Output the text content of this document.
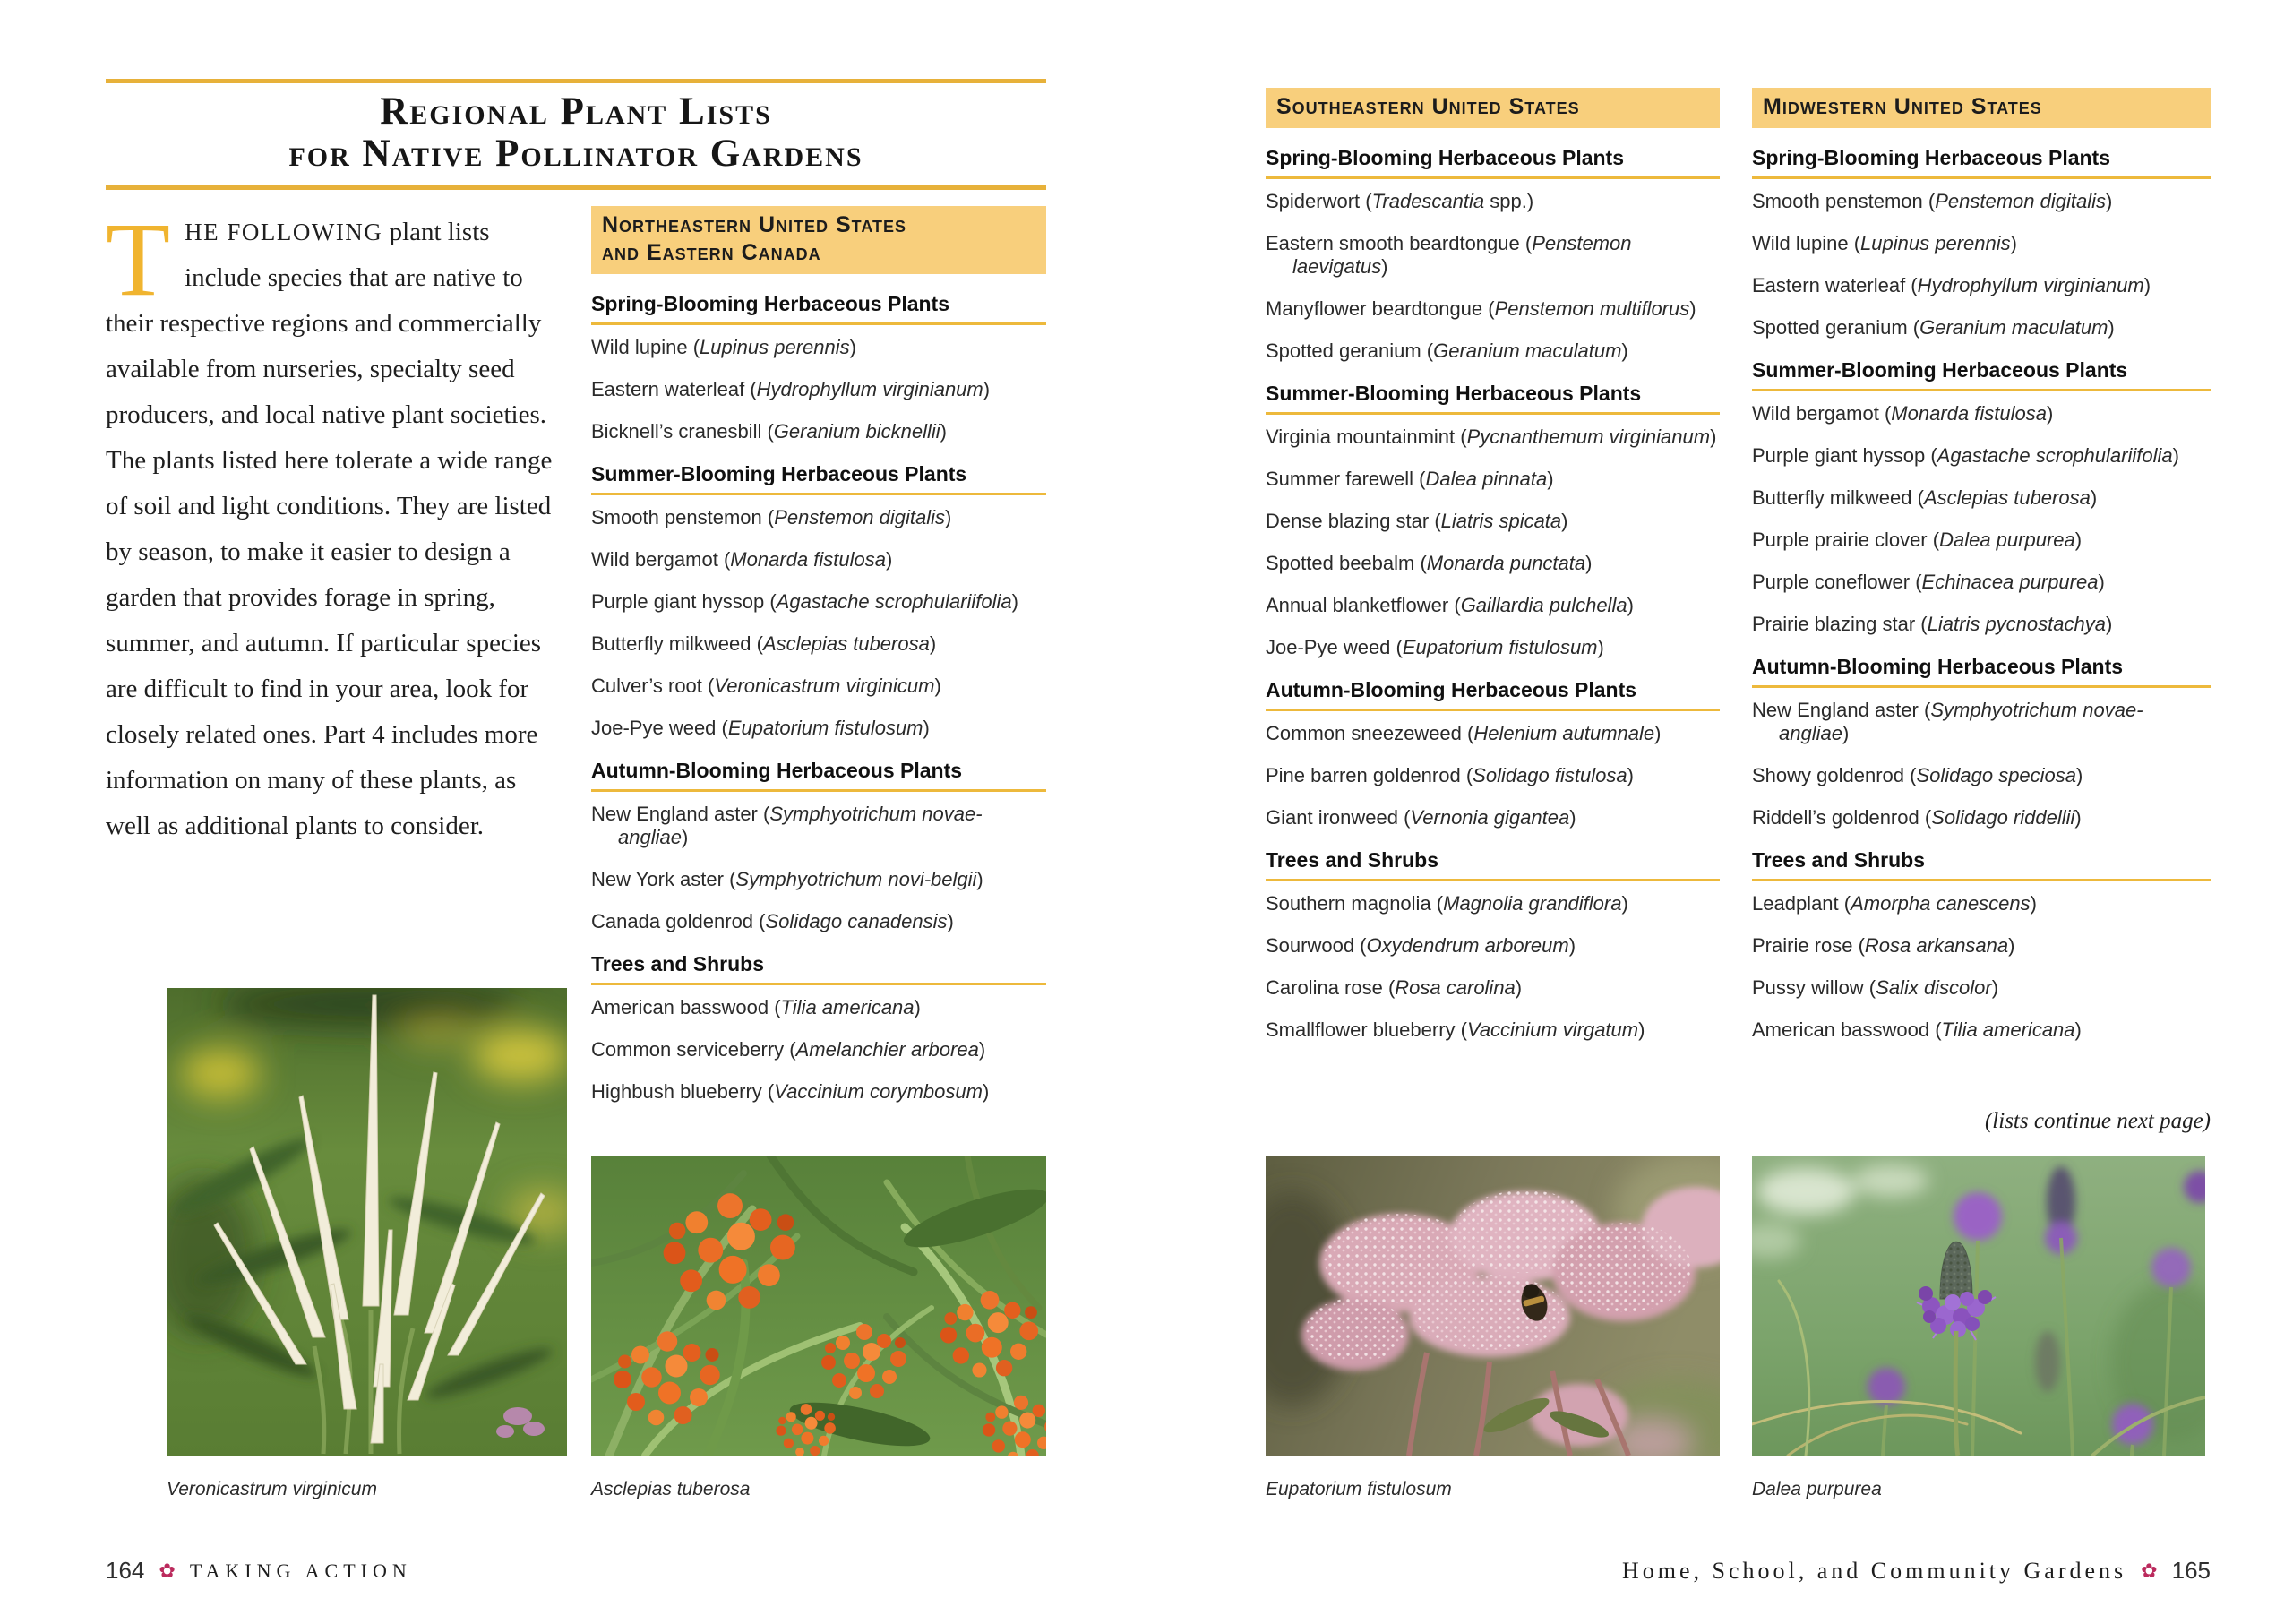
Regional Plant Lists
for Native Pollinator Gardens

T HE FOLLOWING plant lists include species that are native to their respective regions and commercially available from nurseries, specialty seed producers, and local native plant societies. The plants listed here tolerate a wide range of soil and light conditions. They are listed by season, to make it easier to design a garden that provides forage in spring, summer, and autumn. If particular species are difficult to find in your area, look for closely related ones. Part 4 includes more information on many of these plants, as well as additional plants to consider.

Northeastern United States
and Eastern Canada
Spring-Blooming Herbaceous Plants
Wild lupine (Lupinus perennis)
Eastern waterleaf (Hydrophyllum virginianum)
Bicknell’s cranesbill (Geranium bicknellii)
Summer-Blooming Herbaceous Plants
Smooth penstemon (Penstemon digitalis)
Wild bergamot (Monarda fistulosa)
Purple giant hyssop (Agastache scrophulariifolia)
Butterfly milkweed (Asclepias tuberosa)
Culver’s root (Veronicastrum virginicum)
Joe-Pye weed (Eupatorium fistulosum)
Autumn-Blooming Herbaceous Plants
New England aster (Symphyotrichum novae-angliae)
New York aster (Symphyotrichum novi-belgii)
Canada goldenrod (Solidago canadensis)
Trees and Shrubs
American basswood (Tilia americana)
Common serviceberry (Amelanchier arborea)
Highbush blueberry (Vaccinium corymbosum)
Southeastern United States
Spring-Blooming Herbaceous Plants
Spiderwort (Tradescantia spp.)
Eastern smooth beardtongue (Penstemon laevigatus)
Manyflower beardtongue (Penstemon multiflorus)
Spotted geranium (Geranium maculatum)
Summer-Blooming Herbaceous Plants
Virginia mountainmint (Pycnanthemum virginianum)
Summer farewell (Dalea pinnata)
Dense blazing star (Liatris spicata)
Spotted beebalm (Monarda punctata)
Annual blanketflower (Gaillardia pulchella)
Joe-Pye weed (Eupatorium fistulosum)
Autumn-Blooming Herbaceous Plants
Common sneezeweed (Helenium autumnale)
Pine barren goldenrod (Solidago fistulosa)
Giant ironweed (Vernonia gigantea)
Trees and Shrubs
Southern magnolia (Magnolia grandiflora)
Sourwood (Oxydendrum arboreum)
Carolina rose (Rosa carolina)
Smallflower blueberry (Vaccinium virgatum)
Midwestern United States
Spring-Blooming Herbaceous Plants
Smooth penstemon (Penstemon digitalis)
Wild lupine (Lupinus perennis)
Eastern waterleaf (Hydrophyllum virginianum)
Spotted geranium (Geranium maculatum)
Summer-Blooming Herbaceous Plants
Wild bergamot (Monarda fistulosa)
Purple giant hyssop (Agastache scrophulariifolia)
Butterfly milkweed (Asclepias tuberosa)
Purple prairie clover (Dalea purpurea)
Purple coneflower (Echinacea purpurea)
Prairie blazing star (Liatris pycnostachya)
Autumn-Blooming Herbaceous Plants
New England aster (Symphyotrichum novae-angliae)
Showy goldenrod (Solidago speciosa)
Riddell’s goldenrod (Solidago riddellii)
Trees and Shrubs
Leadplant (Amorpha canescens)
Prairie rose (Rosa arkansana)
Pussy willow (Salix discolor)
American basswood (Tilia americana)
Veronicastrum virginicum	Asclepias tuberosa	Eupatorium fistulosum	Dalea purpurea
(lists continue next page)
164 ✿ TAKING ACTION	Home, School, and Community Gardens ✿ 165
